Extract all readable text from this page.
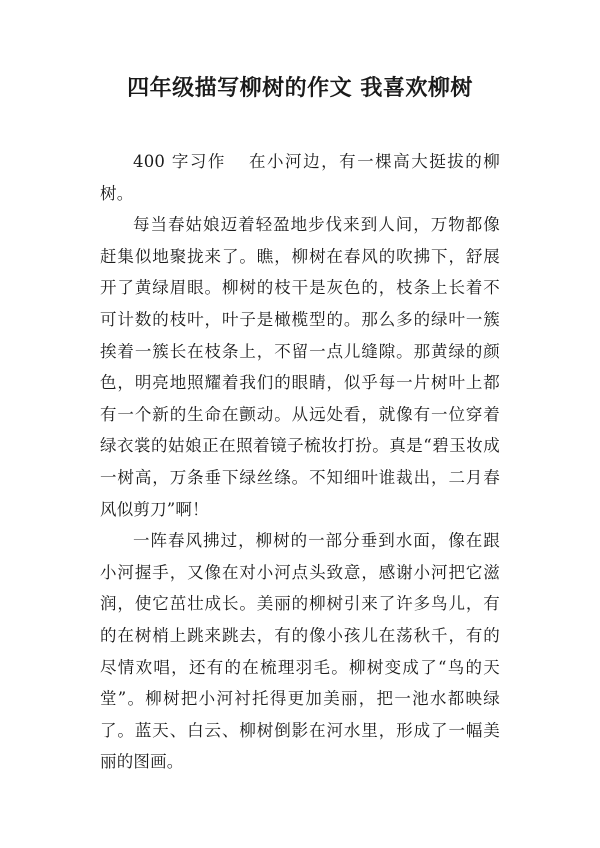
四年级描写柳树的作文 我喜欢柳树

400 字习作 在小河边，有一棵高大挺拔的柳树。

每当春姑娘迈着轻盈地步伐来到人间，万物都像赶集似地聚拢来了。瞧，柳树在春风的吹拂下，舒展开了黄绿眉眼。柳树的枝干是灰色的，枝条上长着不可计数的枝叶，叶子是橄榄型的。那么多的绿叶一簇挨着一簇长在枝条上，不留一点儿缝隙。那黄绿的颜色，明亮地照耀着我们的眼睛，似乎每一片树叶上都有一个新的生命在颤动。从远处看，就像有一位穿着绿衣裳的姑娘正在照着镜子梳妆打扮。真是“碧玉妆成一树高，万条垂下绿丝绦。不知细叶谁裁出，二月春风似剪刀”啊！

一阵春风拂过，柳树的一部分垂到水面，像在跟小河握手，又像在对小河点头致意，感谢小河把它滋润，使它茁壮成长。美丽的柳树引来了许多鸟儿，有的在树梢上跳来跳去，有的像小孩儿在荡秋千，有的尽情欢唱，还有的在梳理羽毛。柳树变成了“鸟的天堂”。柳树把小河衬托得更加美丽，把一池水都映绿了。蓝天、白云、柳树倒影在河水里，形成了一幅美丽的图画。
